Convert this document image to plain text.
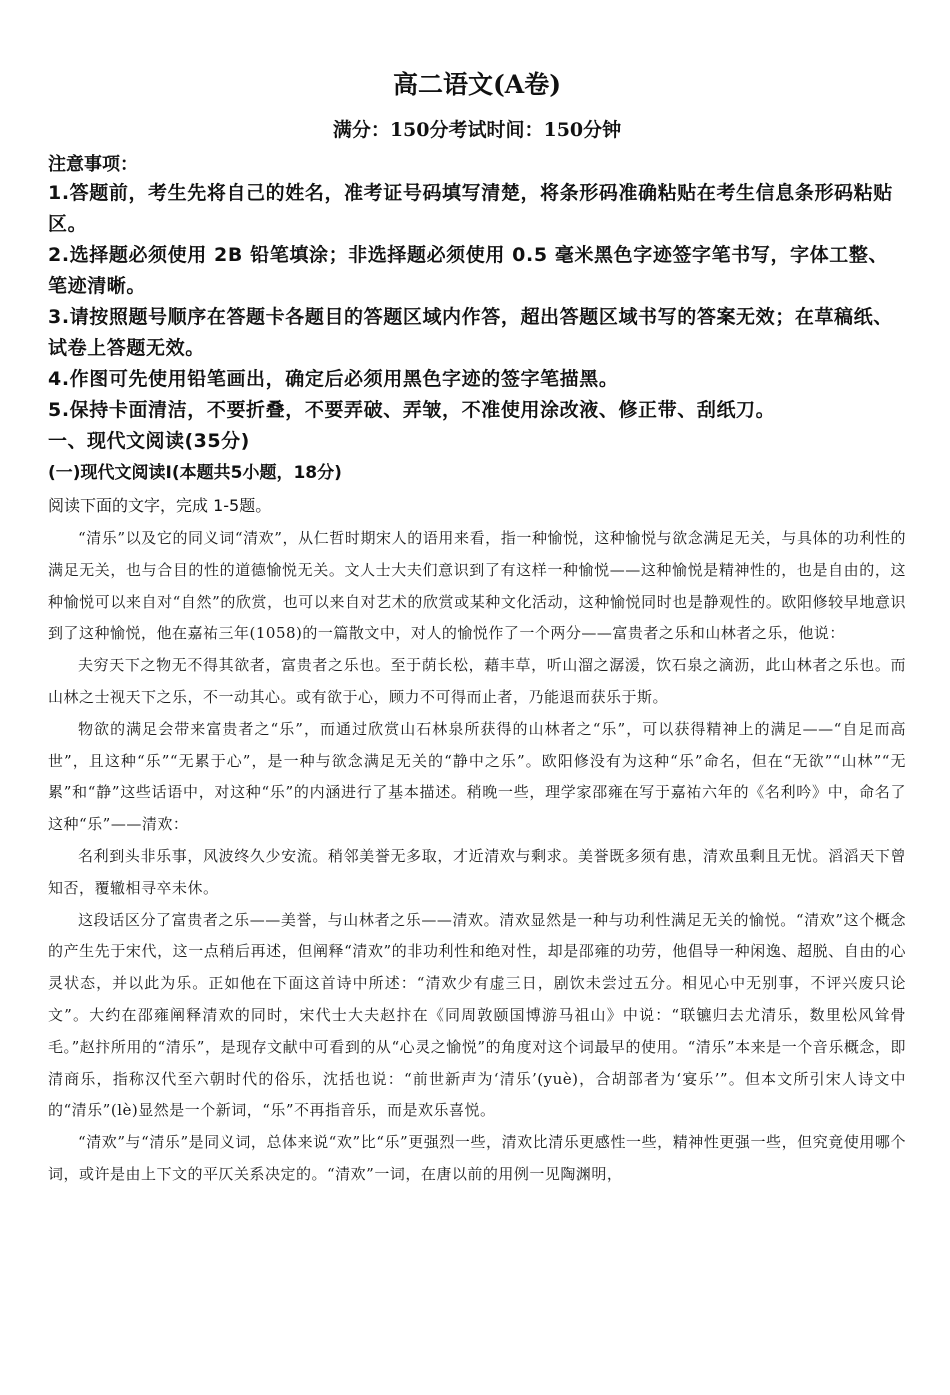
高二语文(A卷)
满分：150分考试时间：150分钟
注意事项：
1.答题前，考生先将自己的姓名，准考证号码填写清楚，将条形码准确粘贴在考生信息条形码粘贴区。
2.选择题必须使用 2B 铅笔填涂；非选择题必须使用 0.5 毫米黑色字迹签字笔书写，字体工整、笔迹清晰。
3.请按照题号顺序在答题卡各题目的答题区域内作答，超出答题区域书写的答案无效；在草稿纸、试卷上答题无效。
4.作图可先使用铅笔画出，确定后必须用黑色字迹的签字笔描黑。
5.保持卡面清洁，不要折叠，不要弄破、弄皱，不准使用涂改液、修正带、刮纸刀。
一、现代文阅读(35分)
(一)现代文阅读Ⅰ(本题共5小题，18分)
阅读下面的文字，完成 1-5题。

“清乐”以及它的同义词“清欢”，从仁哲时期宋人的语用来看，指一种愉悦，这种愉悦与欲念满足无关，与具体的功利性的满足无关，也与合目的性的道德愉悦无关。文人士大夫们意识到了有这样一种愉悦——这种愉悦是精神性的，也是自由的，这种愉悦可以来自对“自然”的欣赏，也可以来自对艺术的欣赏或某种文化活动，这种愉悦同时也是静观性的。欧阳修较早地意识到了这种愉悦，他在嘉祐三年(1058)的一篇散文中，对人的愉悦作了一个两分——富贵者之乐和山林者之乐，他说：

夫穷天下之物无不得其欲者，富贵者之乐也。至于荫长松，藉丰草，听山溜之潺湲，饮石泉之滴沥，此山林者之乐也。而山林之士视天下之乐，不一动其心。或有欲于心，顾力不可得而止者，乃能退而获乐于斯。

物欲的满足会带来富贵者之“乐”，而通过欣赏山石林泉所获得的山林者之“乐”，可以获得精神上的满足——“自足而高世”，且这种“乐”“无累于心”，是一种与欲念满足无关的“静中之乐”。欧阳修没有为这种“乐”命名，但在“无欲”“山林”“无累”和“静”这些话语中，对这种“乐”的内涵进行了基本描述。稍晚一些，理学家邵雍在写于嘉祐六年的《名利吟》中，命名了这种“乐”——清欢：

名利到头非乐事，风波终久少安流。稍邻美誉无多取，才近清欢与剩求。美誉既多须有患，清欢虽剩且无忧。滔滔天下曾知否，覆辙相寻卒未休。

这段话区分了富贵者之乐——美誉，与山林者之乐——清欢。清欢显然是一种与功利性满足无关的愉悦。“清欢”这个概念的产生先于宋代，这一点稍后再述，但阐释“清欢”的非功利性和绝对性，却是邵雍的功劳，他倡导一种闲逸、超脱、自由的心灵状态，并以此为乐。正如他在下面这首诗中所述：“清欢少有虚三日，剧饮未尝过五分。相见心中无别事，不评兴废只论文”。大约在邵雍阐释清欢的同时，宋代士大夫赵抃在《同周敦颐国博游马祖山》中说：“联镳归去尤清乐，数里松风耸骨毛。”赵抃所用的“清乐”，是现存文献中可看到的从“心灵之愉悦”的角度对这个词最早的使用。“清乐”本来是一个音乐概念，即清商乐，指称汉代至六朝时代的俗乐，沈括也说：“前世新声为‘清乐’(yuè)，合胡部者为‘宴乐’”。但本文所引宋人诗文中的“清乐”(lè)显然是一个新词，“乐”不再指音乐，而是欢乐喜悦。

“清欢”与“清乐”是同义词，总体来说“欢”比“乐”更强烈一些，清欢比清乐更感性一些，精神性更强一些，但究竟使用哪个词，或许是由上下文的平仄关系决定的。“清欢”一词，在唐以前的用例一见陶渊明，
